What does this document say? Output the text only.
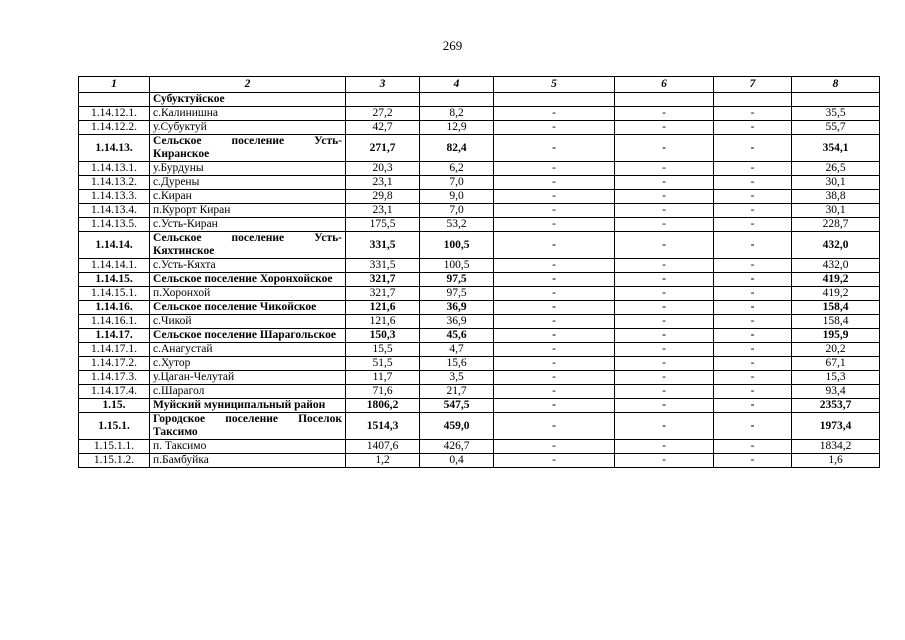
269
1	2	3	4	5	6	7	8
	Субуктуйское						
1.14.12.1.	с.Калинишна	27,2	8,2	-	-	-	35,5
1.14.12.2.	у.Субуктуй	42,7	12,9	-	-	-	55,7
1.14.13.	Сельское поселение Усть-Киранское	271,7	82,4	-	-	-	354,1
1.14.13.1.	у.Бурдуны	20,3	6,2	-	-	-	26,5
1.14.13.2.	с.Дурены	23,1	7,0	-	-	-	30,1
1.14.13.3.	с.Киран	29,8	9,0	-	-	-	38,8
1.14.13.4.	п.Курорт Киран	23,1	7,0	-	-	-	30,1
1.14.13.5.	с.Усть-Киран	175,5	53,2	-	-	-	228,7
1.14.14.	Сельское поселение Усть-Кяхтинское	331,5	100,5	-	-	-	432,0
1.14.14.1.	с.Усть-Кяхта	331,5	100,5	-	-	-	432,0
1.14.15.	Сельское поселение Хоронхойское	321,7	97,5	-	-	-	419,2
1.14.15.1.	п.Хоронхой	321,7	97,5	-	-	-	419,2
1.14.16.	Сельское поселение Чикойское	121,6	36,9	-	-	-	158,4
1.14.16.1.	с.Чикой	121,6	36,9	-	-	-	158,4
1.14.17.	Сельское поселение Шарагольское	150,3	45,6	-	-	-	195,9
1.14.17.1.	с.Анагустай	15,5	4,7	-	-	-	20,2
1.14.17.2.	с.Хутор	51,5	15,6	-	-	-	67,1
1.14.17.3.	у.Цаган-Челутай	11,7	3,5	-	-	-	15,3
1.14.17.4.	с.Шарагол	71,6	21,7	-	-	-	93,4
1.15.	Муйский муниципальный район	1806,2	547,5	-	-	-	2353,7
1.15.1.	Городское поселение Поселок Таксимо	1514,3	459,0	-	-	-	1973,4
1.15.1.1.	п. Таксимо	1407,6	426,7	-	-	-	1834,2
1.15.1.2.	п.Бамбуйка	1,2	0,4	-	-	-	1,6
